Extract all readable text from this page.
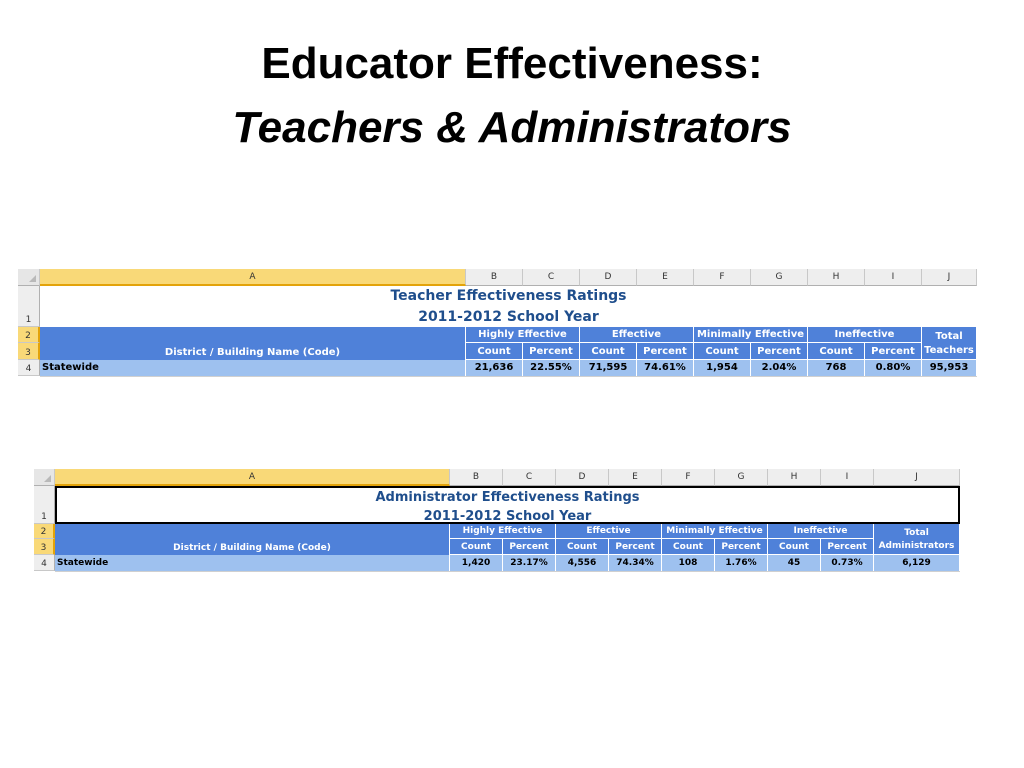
Educator Effectiveness:
Teachers & Administrators
A	B	C	D	E	F	G	H	I	J
1
2
3
4
Teacher Effectiveness Ratings
2011-2012 School Year
District / Building Name (Code)
Highly Effective	Effective	Minimally Effective	Ineffective	Total
Teachers
Count	Percent	Count	Percent	Count	Percent	Count	Percent
Statewide	21,636	22.55%	71,595	74.61%	1,954	2.04%	768	0.80%	95,953
A	B	C	D	E	F	G	H	I	J
1
2
3
4
Administrator Effectiveness Ratings
2011-2012 School Year
District / Building Name (Code)
Highly Effective	Effective	Minimally Effective	Ineffective	Total
Administrators
Count	Percent	Count	Percent	Count	Percent	Count	Percent
Statewide	1,420	23.17%	4,556	74.34%	108	1.76%	45	0.73%	6,129
